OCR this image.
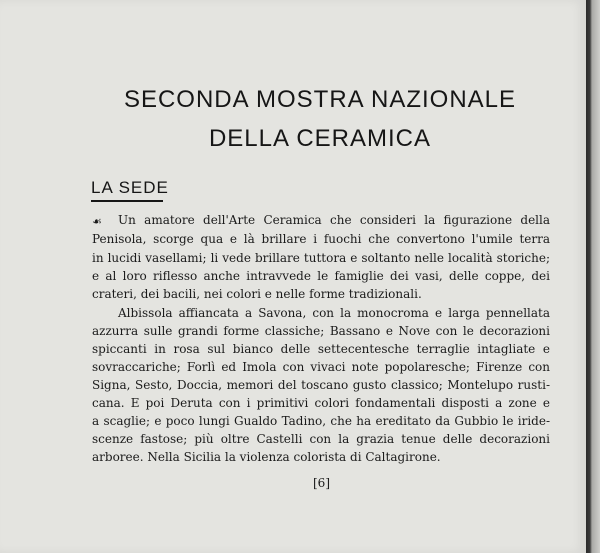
SECONDA MOSTRA NAZIONALE
DELLA CERAMICA
LA SEDE
☙ Un amatore dell'Arte Ceramica che consideri la figurazione della
Penisola, scorge qua e là brillare i fuochi che convertono l'umile terra
in lucidi vasellami; li vede brillare tuttora e soltanto nelle località storiche;
e al loro riflesso anche intravvede le famiglie dei vasi, delle coppe, dei
crateri, dei bacili, nei colori e nelle forme tradizionali.
Albissola affiancata a Savona, con la monocroma e larga pennellata
azzurra sulle grandi forme classiche; Bassano e Nove con le decorazioni
spiccanti in rosa sul bianco delle settecentesche terraglie intagliate e
sovraccariche; Forlì ed Imola con vivaci note popolaresche; Firenze con
Signa, Sesto, Doccia, memori del toscano gusto classico; Montelupo rusti-
cana. E poi Deruta con i primitivi colori fondamentali disposti a zone e
a scaglie; e poco lungi Gualdo Tadino, che ha ereditato da Gubbio le iride-
scenze fastose; più oltre Castelli con la grazia tenue delle decorazioni
arboree. Nella Sicilia la violenza colorista di Caltagirone.
[6]
